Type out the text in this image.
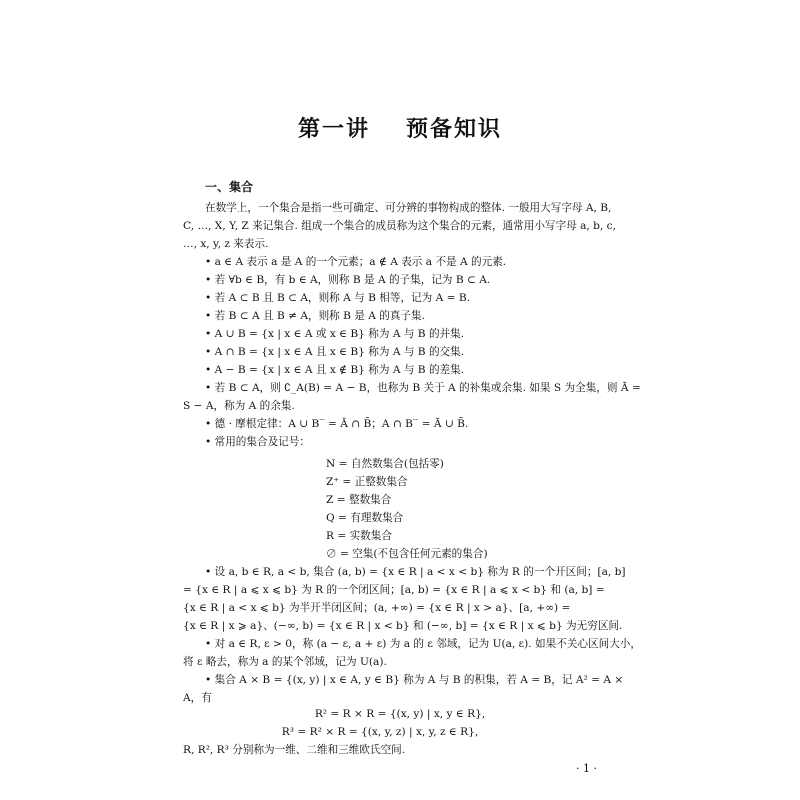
第一讲 预备知识
一、集合
在数学上，一个集合是指一些可确定、可分辨的事物构成的整体. 一般用大写字母 A, B,
C, …, X, Y, Z 来记集合. 组成一个集合的成员称为这个集合的元素，通常用小写字母 a, b, c,
…, x, y, z 来表示.
• a ∈ A 表示 a 是 A 的一个元素；a ∉ A 表示 a 不是 A 的元素.
• 若 ∀b ∈ B，有 b ∈ A，则称 B 是 A 的子集，记为 B ⊂ A.
• 若 A ⊂ B 且 B ⊂ A，则称 A 与 B 相等，记为 A = B.
• 若 B ⊂ A 且 B ≠ A，则称 B 是 A 的真子集.
• A ∪ B = {x | x ∈ A 或 x ∈ B} 称为 A 与 B 的并集.
• A ∩ B = {x | x ∈ A 且 x ∈ B} 称为 A 与 B 的交集.
• A − B = {x | x ∈ A 且 x ∉ B} 称为 A 与 B 的差集.
• 若 B ⊂ A，则 ∁_A(B) = A − B，也称为 B 关于 A 的补集或余集. 如果 S 为全集，则 Ā =
S − A，称为 A 的余集.
• 德 · 摩根定律：A ∪ B‾ = Ā ∩ B̄；A ∩ B‾ = Ā ∪ B̄.
• 常用的集合及记号：
N = 自然数集合(包括零)
Z⁺ = 正整数集合
Z = 整数集合
Q = 有理数集合
R = 实数集合
∅ = 空集(不包含任何元素的集合)
• 设 a, b ∈ R, a < b, 集合 (a, b) = {x ∈ R | a < x < b} 称为 R 的一个开区间；[a, b]
= {x ∈ R | a ⩽ x ⩽ b} 为 R 的一个闭区间；[a, b) = {x ∈ R | a ⩽ x < b} 和 (a, b] =
{x ∈ R | a < x ⩽ b} 为半开半闭区间；(a, +∞) = {x ∈ R | x > a}、[a, +∞) =
{x ∈ R | x ⩾ a}、(−∞, b) = {x ∈ R | x < b} 和 (−∞, b] = {x ∈ R | x ⩽ b} 为无穷区间.
• 对 a ∈ R, ε > 0，称 (a − ε, a + ε) 为 a 的 ε 邻域，记为 U(a, ε). 如果不关心区间大小，
将 ε 略去，称为 a 的某个邻域，记为 U(a).
• 集合 A × B = {(x, y) | x ∈ A, y ∈ B} 称为 A 与 B 的积集，若 A = B，记 A² = A ×
A，有
R² = R × R = {(x, y) | x, y ∈ R},
R³ = R² × R = {(x, y, z) | x, y, z ∈ R},
R, R², R³ 分别称为一维、二维和三维欧氏空间.
· 1 ·
